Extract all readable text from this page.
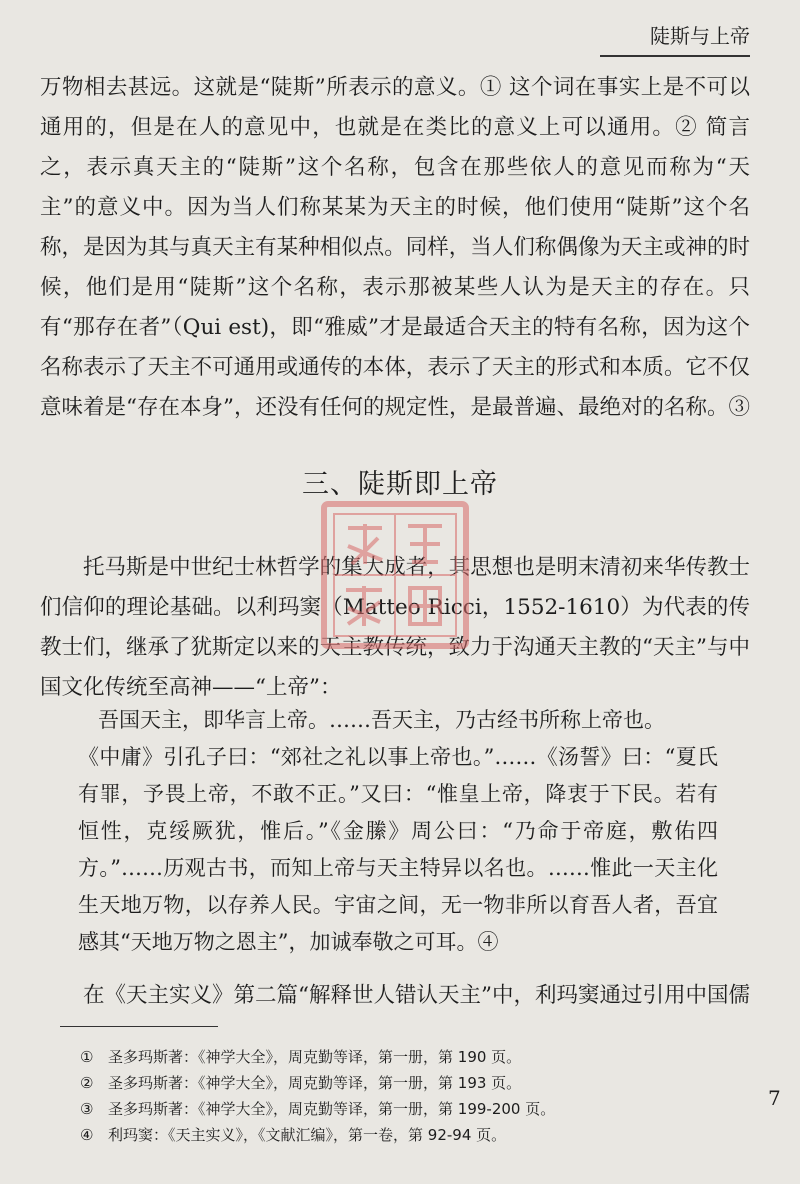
陡斯与上帝
万物相去甚远。这就是“陡斯”所表示的意义。① 这个词在事实上是不可以通用的，但是在人的意见中，也就是在类比的意义上可以通用。② 简言之，表示真天主的“陡斯”这个名称，包含在那些依人的意见而称为“天主”的意义中。因为当人们称某某为天主的时候，他们使用“陡斯”这个名称，是因为其与真天主有某种相似点。同样，当人们称偶像为天主或神的时候，他们是用“陡斯”这个名称，表示那被某些人认为是天主的存在。只有“那存在者”（Qui est)，即“雅威”才是最适合天主的特有名称，因为这个名称表示了天主不可通用或通传的本体，表示了天主的形式和本质。它不仅意味着是“存在本身”，还没有任何的规定性，是最普遍、最绝对的名称。③
三、陡斯即上帝
托马斯是中世纪士林哲学的集大成者，其思想也是明末清初来华传教士们信仰的理论基础。以利玛窦（Matteo Ricci，1552-1610）为代表的传教士们，继承了犹斯定以来的天主教传统，致力于沟通天主教的“天主”与中国文化传统至高神——“上帝”：
吾国天主，即华言上帝。……吾天主，乃古经书所称上帝也。
《中庸》引孔子曰：“郊社之礼以事上帝也。”……《汤誓》曰：“夏氏有罪，予畏上帝，不敢不正。”又曰：“惟皇上帝，降衷于下民。若有恒性，克绥厥犹，惟后。”《金縢》周公曰：“乃命于帝庭，敷佑四方。”……历观古书，而知上帝与天主特异以名也。……惟此一天主化生天地万物，以存养人民。宇宙之间，无一物非所以育吾人者，吾宜感其“天地万物之恩主”，加诚奉敬之可耳。④
在《天主实义》第二篇“解释世人错认天主”中，利玛窦通过引用中国儒
① 圣多玛斯著：《神学大全》，周克勤等译，第一册，第 190 页。
② 圣多玛斯著：《神学大全》，周克勤等译，第一册，第 193 页。
③ 圣多玛斯著：《神学大全》，周克勤等译，第一册，第 199-200 页。
④ 利玛窦：《天主实义》，《文献汇编》，第一卷，第 92-94 页。
7
